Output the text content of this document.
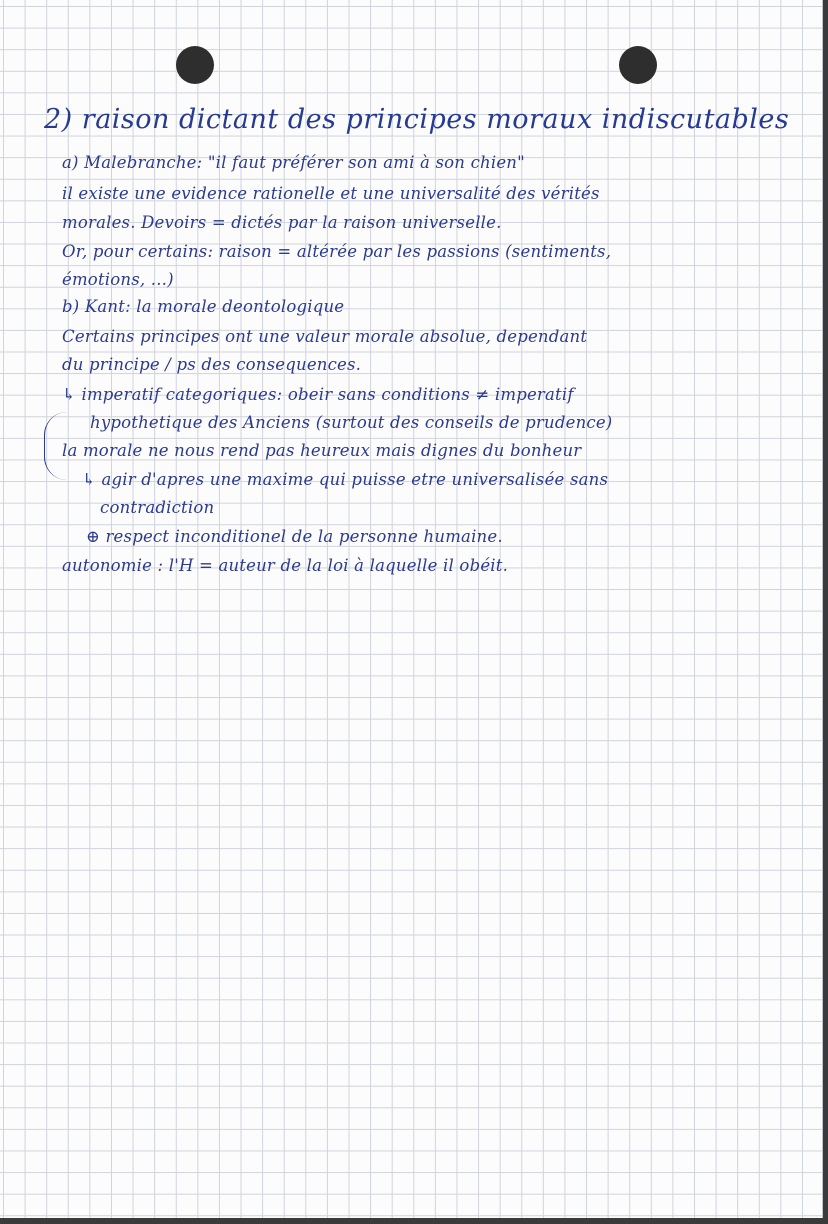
2) raison dictant des principes moraux indiscutables
a) Malebranche: "il faut préférer son ami à son chien"
il existe une evidence rationelle et une universalité des vérités
morales. Devoirs = dictés par la raison universelle.
Or, pour certains: raison = altérée par les passions (sentiments,
émotions, ...)
b) Kant: la morale deontologique
Certains principes ont une valeur morale absolue, dependant
du principe / ps des consequences.
↳ imperatif categoriques: obeir sans conditions ≠ imperatif
hypothetique des Anciens (surtout des conseils de prudence)
la morale ne nous rend pas heureux mais dignes du bonheur
↳ agir d'apres une maxime qui puisse etre universalisée sans
contradiction
⊕ respect inconditionel de la personne humaine.
autonomie : l'H = auteur de la loi à laquelle il obéit.
